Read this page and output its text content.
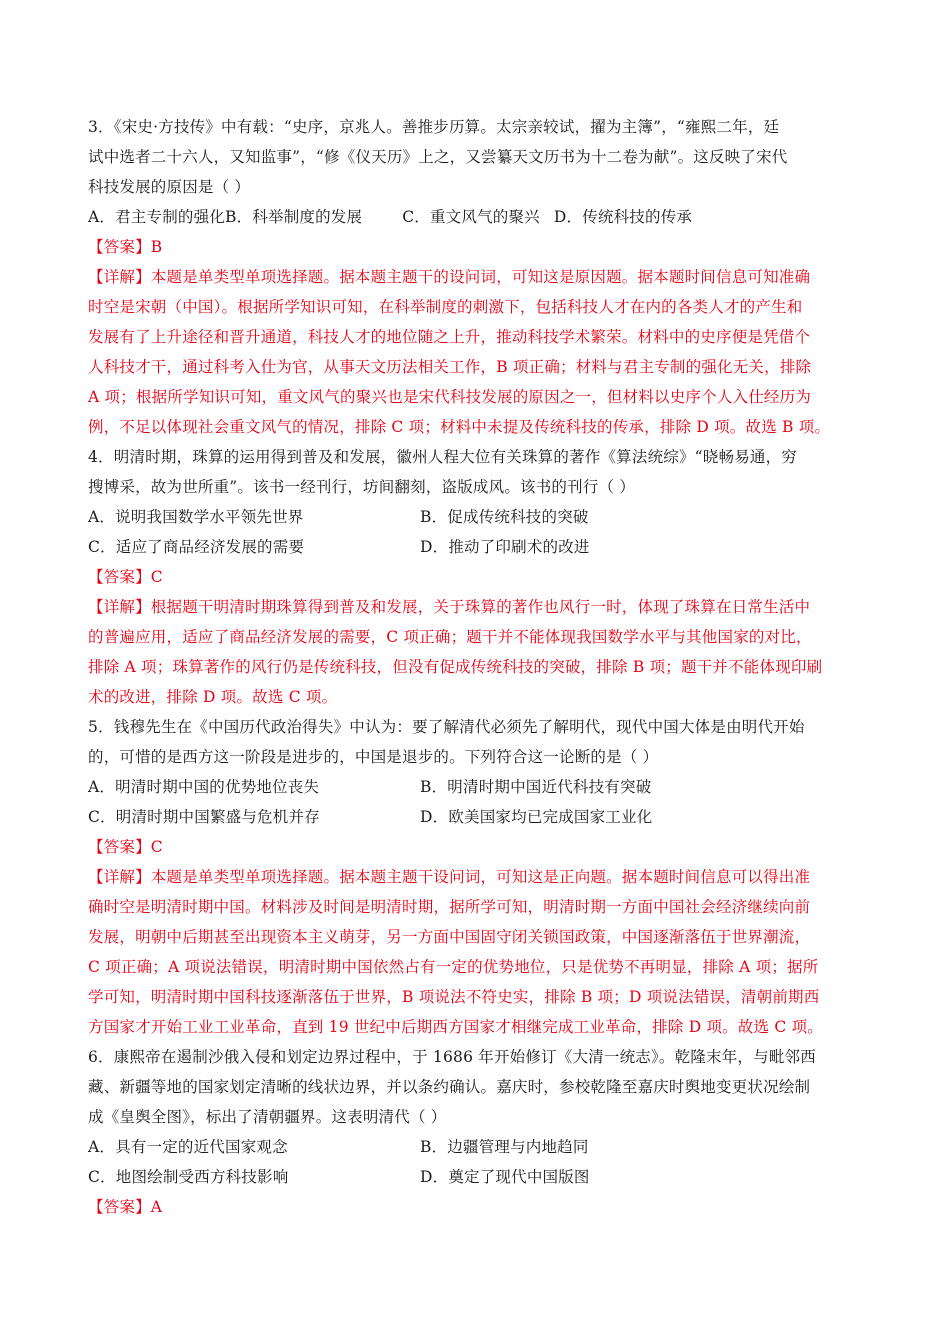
3．《宋史·方技传》中有载：“史序，京兆人。善推步历算。太宗亲较试，擢为主簿”，“雍熙二年，廷
试中选者二十六人，又知监事”，“修《仪天历》上之，又尝纂天文历书为十二卷为献”。这反映了宋代
科技发展的原因是（ ）
A．君主专制的强化 B．科举制度的发展	C．重文风气的聚兴 D．传统科技的传承
【答案】B
【详解】本题是单类型单项选择题。据本题主题干的设问词，可知这是原因题。据本题时间信息可知准确
时空是宋朝（中国）。根据所学知识可知，在科举制度的刺激下，包括科技人才在内的各类人才的产生和
发展有了上升途径和晋升通道，科技人才的地位随之上升，推动科技学术繁荣。材料中的史序便是凭借个
人科技才干，通过科考入仕为官，从事天文历法相关工作，B 项正确；材料与君主专制的强化无关，排除
A 项；根据所学知识可知，重文风气的聚兴也是宋代科技发展的原因之一，但材料以史序个人入仕经历为
例，不足以体现社会重文风气的情况，排除 C 项；材料中未提及传统科技的传承，排除 D 项。故选 B 项。
4．明清时期，珠算的运用得到普及和发展，徽州人程大位有关珠算的著作《算法统综》“晓畅易通，穷
搜博采，故为世所重”。该书一经刊行，坊间翻刻，盗版成风。该书的刊行（ ）
A．说明我国数学水平领先世界	B．促成传统科技的突破
C．适应了商品经济发展的需要	D．推动了印刷术的改进
【答案】C
【详解】根据题干明清时期珠算得到普及和发展，关于珠算的著作也风行一时，体现了珠算在日常生活中
的普遍应用，适应了商品经济发展的需要，C 项正确；题干并不能体现我国数学水平与其他国家的对比，
排除 A 项；珠算著作的风行仍是传统科技，但没有促成传统科技的突破，排除 B 项；题干并不能体现印刷
术的改进，排除 D 项。故选 C 项。
5．钱穆先生在《中国历代政治得失》中认为：要了解清代必须先了解明代，现代中国大体是由明代开始
的，可惜的是西方这一阶段是进步的，中国是退步的。下列符合这一论断的是（ ）
A．明清时期中国的优势地位丧失	B．明清时期中国近代科技有突破
C．明清时期中国繁盛与危机并存	D．欧美国家均已完成国家工业化
【答案】C
【详解】本题是单类型单项选择题。据本题主题干设问词，可知这是正向题。据本题时间信息可以得出准
确时空是明清时期中国。材料涉及时间是明清时期，据所学可知，明清时期一方面中国社会经济继续向前
发展，明朝中后期甚至出现资本主义萌芽，另一方面中国固守闭关锁国政策，中国逐渐落伍于世界潮流，
C 项正确；A 项说法错误，明清时期中国依然占有一定的优势地位，只是优势不再明显，排除 A 项；据所
学可知，明清时期中国科技逐渐落伍于世界，B 项说法不符史实，排除 B 项；D 项说法错误，清朝前期西
方国家才开始工业工业革命，直到 19 世纪中后期西方国家才相继完成工业革命，排除 D 项。故选 C 项。
6．康熙帝在遏制沙俄入侵和划定边界过程中，于 1686 年开始修订《大清一统志》。乾隆末年，与毗邻西
藏、新疆等地的国家划定清晰的线状边界，并以条约确认。嘉庆时，参校乾隆至嘉庆时舆地变更状况绘制
成《皇舆全图》，标出了清朝疆界。这表明清代（ ）
A．具有一定的近代国家观念	B．边疆管理与内地趋同
C．地图绘制受西方科技影响	D．奠定了现代中国版图
【答案】A
